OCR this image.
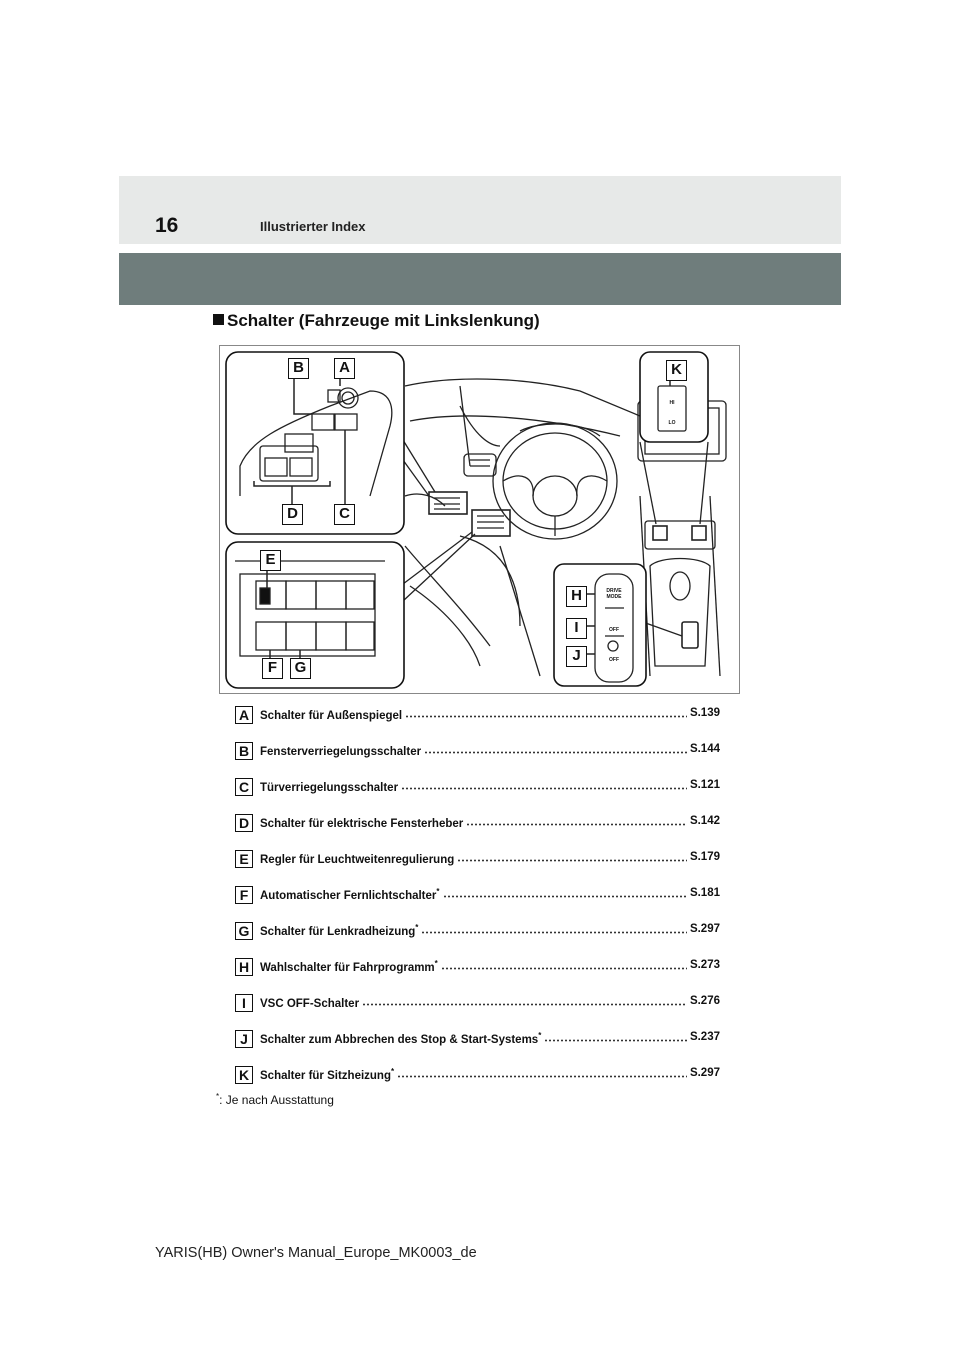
16	Illustrierter Index
Schalter (Fahrzeuge mit Linkslenkung)
DRIVE
MODE
OFF
OFF
HI
LO
B	A
D	C
E
F	G
H
I
J
K
A Schalter für Außenspiegel	S.139
B Fensterverriegelungsschalter	S.144
C Türverriegelungsschalter	S.121
D Schalter für elektrische Fensterheber	S.142
E Regler für Leuchtweitenregulierung	S.179
F	Automatischer Fernlichtschalter*	S.181
G Schalter für Lenkradheizung*	S.297
H Wahlschalter für Fahrprogramm*	S.273
I	VSC OFF-Schalter	S.276
J	Schalter zum Abbrechen des Stop & Start-Systems*	S.237
K Schalter für Sitzheizung*	S.297
*: Je nach Ausstattung
YARIS(HB) Owner's Manual_Europe_MK0003_de
